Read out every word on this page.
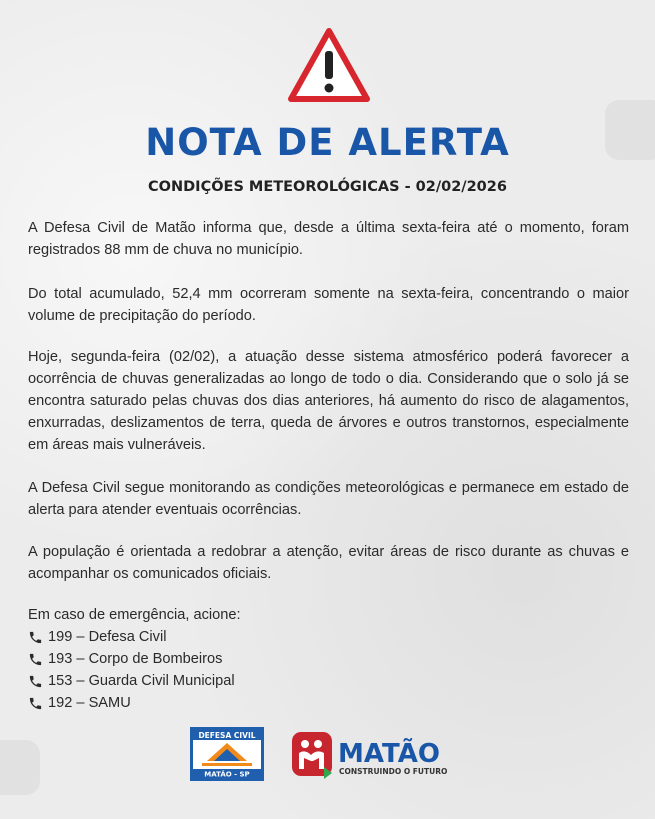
NOTA DE ALERTA
CONDIÇÕES METEOROLÓGICAS - 02/02/2026

A Defesa Civil de Matão informa que, desde a última sexta-feira até o momento, foram registrados 88 mm de chuva no município.

Do total acumulado, 52,4 mm ocorreram somente na sexta-feira, concentrando o maior volume de precipitação do período.

Hoje, segunda-feira (02/02), a atuação desse sistema atmosférico poderá favorecer a ocorrência de chuvas generalizadas ao longo de todo o dia. Considerando que o solo já se encontra saturado pelas chuvas dos dias anteriores, há aumento do risco de alagamentos, enxurradas, deslizamentos de terra, queda de árvores e outros transtornos, especialmente em áreas mais vulneráveis.

A Defesa Civil segue monitorando as condições meteorológicas e permanece em estado de alerta para atender eventuais ocorrências.

A população é orientada a redobrar a atenção, evitar áreas de risco durante as chuvas e acompanhar os comunicados oficiais.

Em caso de emergência, acione:
199 – Defesa Civil
193 – Corpo de Bombeiros
153 – Guarda Civil Municipal
192 – SAMU
DEFESA CIVIL
MATÃO - SP
MATÃO
CONSTRUINDO O FUTURO
